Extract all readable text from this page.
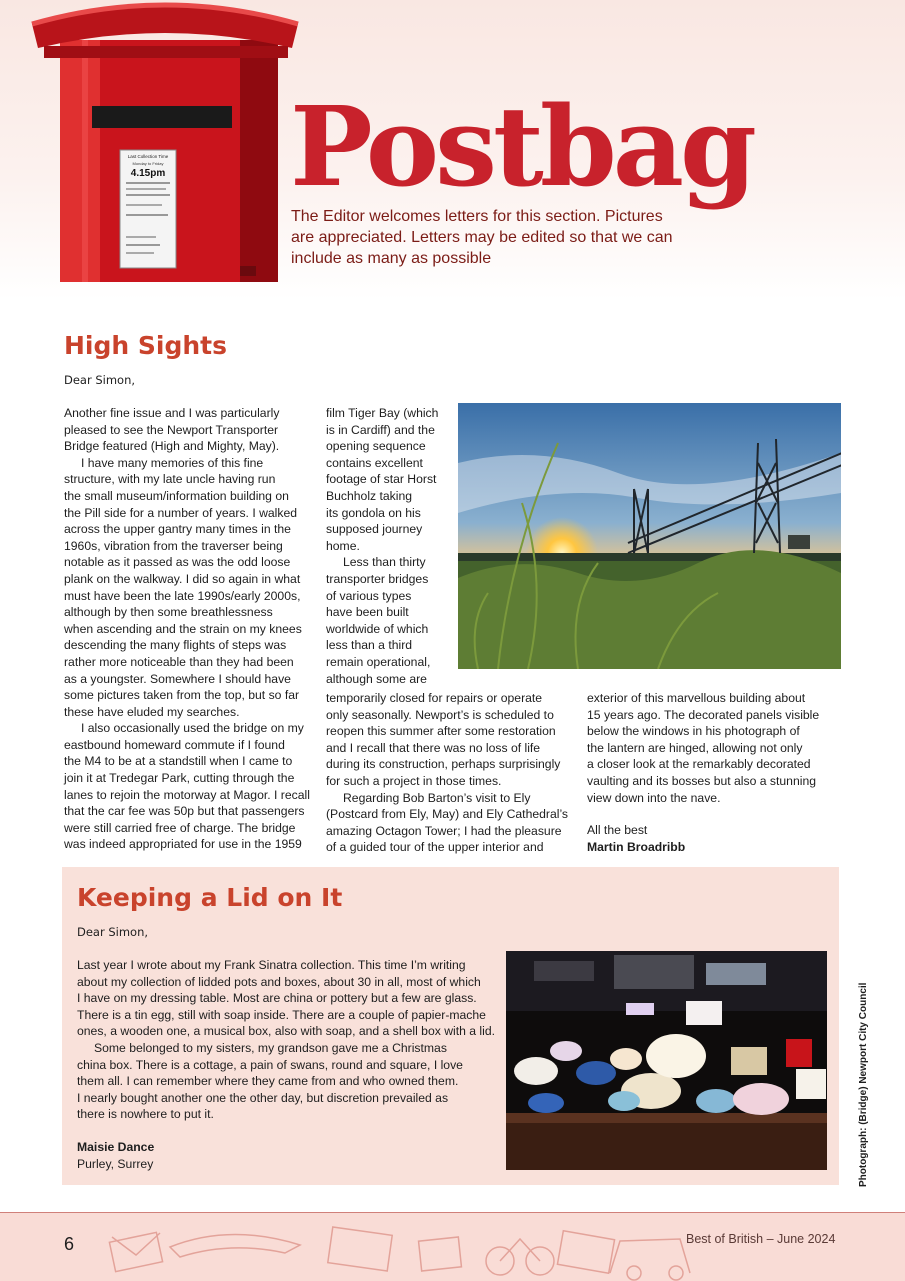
Last Collection Time
Monday to Friday
4.15pm Postbag

The Editor welcomes letters for this section. Pictures
are appreciated. Letters may be edited so that we can
include as many as possible

High Sights

Dear Simon,

Another fine issue and I was particularly
pleased to see the Newport Transporter
Bridge featured (High and Mighty, May).
I have many memories of this fine
structure, with my late uncle having run
the small museum/information building on
the Pill side for a number of years. I walked
across the upper gantry many times in the
1960s, vibration from the traverser being
notable as it passed as was the odd loose
plank on the walkway. I did so again in what
must have been the late 1990s/early 2000s,
although by then some breathlessness
when ascending and the strain on my knees
descending the many flights of steps was
rather more noticeable than they had been
as a youngster. Somewhere I should have
some pictures taken from the top, but so far
these have eluded my searches.
I also occasionally used the bridge on my
eastbound homeward commute if I found
the M4 to be at a standstill when I came to
join it at Tredegar Park, cutting through the
lanes to rejoin the motorway at Magor. I recall
that the car fee was 50p but that passengers
were still carried free of charge. The bridge
was indeed appropriated for use in the 1959
film Tiger Bay (which
is in Cardiff) and the
opening sequence
contains excellent
footage of star Horst
Buchholz taking
its gondola on his
supposed journey
home.
Less than thirty
transporter bridges
of various types
have been built
worldwide of which
less than a third
remain operational,
although some are
temporarily closed for repairs or operate
only seasonally. Newport’s is scheduled to
reopen this summer after some restoration
and I recall that there was no loss of life
during its construction, perhaps surprisingly
for such a project in those times.
Regarding Bob Barton’s visit to Ely
(Postcard from Ely, May) and Ely Cathedral’s
amazing Octagon Tower; I had the pleasure
of a guided tour of the upper interior and
exterior of this marvellous building about
15 years ago. The decorated panels visible
below the windows in his photograph of
the lantern are hinged, allowing not only
a closer look at the remarkably decorated
vaulting and its bosses but also a stunning
view down into the nave.
All the best
Martin Broadribb
Keeping a Lid on It

Dear Simon,

Last year I wrote about my Frank Sinatra collection. This time I’m writing
about my collection of lidded pots and boxes, about 30 in all, most of which
I have on my dressing table. Most are china or pottery but a few are glass.
There is a tin egg, still with soap inside. There are a couple of papier-mache
ones, a wooden one, a musical box, also with soap, and a shell box with a lid.
Some belonged to my sisters, my grandson gave me a Christmas
china box. There is a cottage, a pain of swans, round and square, I love
them all. I can remember where they came from and who owned them.
I nearly bought another one the other day, but discretion prevailed as
there is nowhere to put it.
Maisie Dance
Purley, Surrey	Photograph: (Bridge) Newport City Council
6	Best of British – June 2024
